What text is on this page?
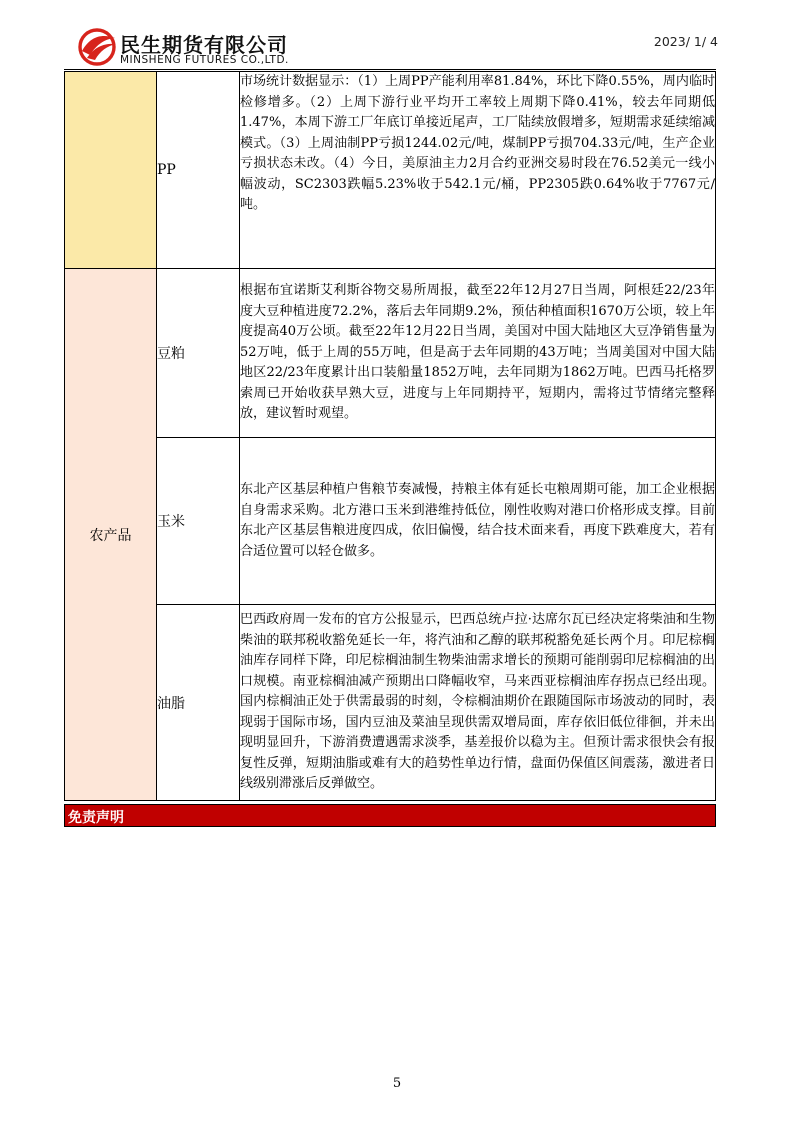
民生期货有限公司
MINSHENG FUTURES CO.,LTD.
2023/ 1/ 4
	PP	市场统计数据显示：（1）上周PP产能利用率81.84%，环比下降0.55%，周内临时检修增多。（2）上周下游行业平均开工率较上周期下降0.41%，较去年同期低1.47%，本周下游工厂年底订单接近尾声，工厂陆续放假增多，短期需求延续缩减模式。（3）上周油制PP亏损1244.02元/吨，煤制PP亏损704.33元/吨，生产企业亏损状态未改。（4）今日，美原油主力2月合约亚洲交易时段在76.52美元一线小幅波动，SC2303跌幅5.23%收于542.1元/桶，PP2305跌0.64%收于7767元/吨。
农产品	豆粕	根据布宜诺斯艾利斯谷物交易所周报，截至22年12月27日当周，阿根廷22/23年度大豆种植进度72.2%，落后去年同期9.2%，预估种植面积1670万公顷，较上年度提高40万公顷。截至22年12月22日当周，美国对中国大陆地区大豆净销售量为52万吨，低于上周的55万吨，但是高于去年同期的43万吨；当周美国对中国大陆地区22/23年度累计出口装船量1852万吨，去年同期为1862万吨。巴西马托格罗索周已开始收获早熟大豆，进度与上年同期持平，短期内，需将过节情绪完整释放，建议暂时观望。
	玉米	东北产区基层种植户售粮节奏减慢，持粮主体有延长屯粮周期可能，加工企业根据自身需求采购。北方港口玉米到港维持低位，刚性收购对港口价格形成支撑。目前东北产区基层售粮进度四成，依旧偏慢，结合技术面来看，再度下跌难度大，若有合适位置可以轻仓做多。
	油脂	巴西政府周一发布的官方公报显示，巴西总统卢拉·达席尔瓦已经决定将柴油和生物柴油的联邦税收豁免延长一年，将汽油和乙醇的联邦税豁免延长两个月。印尼棕榈油库存同样下降，印尼棕榈油制生物柴油需求增长的预期可能削弱印尼棕榈油的出口规模。南亚棕榈油减产预期出口降幅收窄，马来西亚棕榈油库存拐点已经出现。国内棕榈油正处于供需最弱的时刻，令棕榈油期价在跟随国际市场波动的同时，表现弱于国际市场，国内豆油及菜油呈现供需双增局面，库存依旧低位徘徊，并未出现明显回升，下游消费遭遇需求淡季，基差报价以稳为主。但预计需求很快会有报复性反弹，短期油脂或难有大的趋势性单边行情，盘面仍保值区间震荡，激进者日线级别滞涨后反弹做空。
免责声明
5
